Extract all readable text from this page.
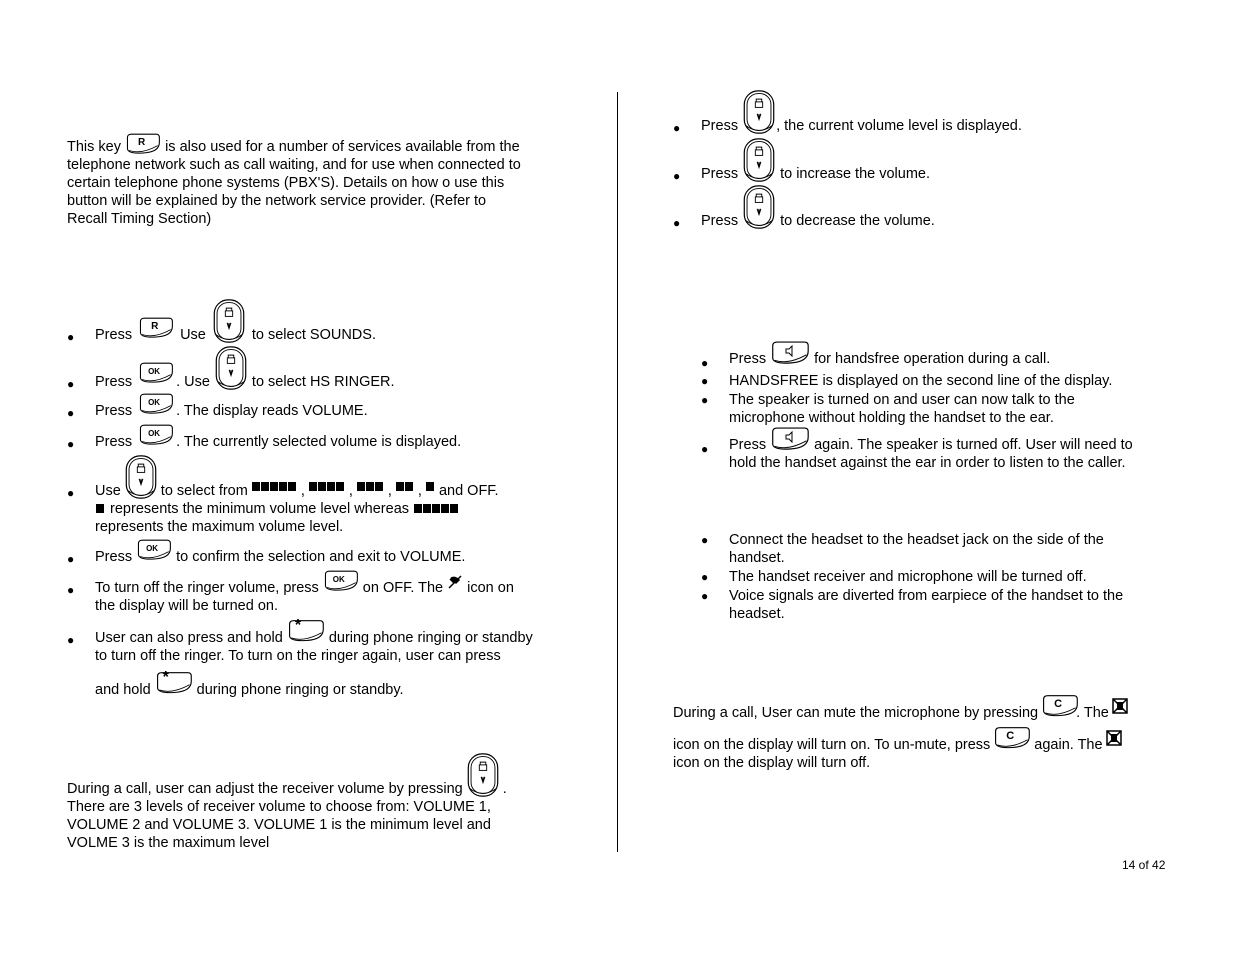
This key R is also used for a number of services available from the
telephone network such as call waiting, and for use when connected to
certain telephone phone systems (PBX'S). Details on how o use this
button will be explained by the network service provider. (Refer to
Recall Timing Section)
● Press
R
Use	to select SOUNDS.
● Press
OK
. Use	to select HS RINGER.
● Press
OK
. The display reads VOLUME.
● Press
OK
. The currently selected volume is displayed.
● Use	to select from	,	, , , and OFF.
represents the minimum volume level whereas
represents the maximum volume level.
● Press
OK
to confirm the selection and exit to VOLUME.
● To turn off the ringer volume, press
OK
on OFF. The icon on
the display will be turned on.
● User can also press and hold
*
during phone ringing or standby
to turn off the ringer. To turn on the ringer again, user can press
and hold
*
during phone ringing or standby.
During a call, user can adjust the receiver volume by pressing	.
There are 3 levels of receiver volume to choose from: VOLUME 1,
VOLUME 2 and VOLUME 3. VOLUME 1 is the minimum level and
VOLME 3 is the maximum level
● Press	, the current volume level is displayed.
● Press	to increase the volume.
● Press	to decrease the volume.
● Press	for handsfree operation during a call.
● HANDSFREE is displayed on the second line of the display.
● The speaker is turned on and user can now talk to the
microphone without holding the handset to the ear.
● Press	again. The speaker is turned off. User will need to
hold the handset against the ear in order to listen to the caller.
● Connect the headset to the headset jack on the side of the
handset.
● The handset receiver and microphone will be turned off.
● Voice signals are diverted from earpiece of the handset to the
headset.
During a call, User can mute the microphone by pressing
C
. The
icon on the display will turn on. To un-mute, press
C
again. The
icon on the display will turn off.
14 of 42
